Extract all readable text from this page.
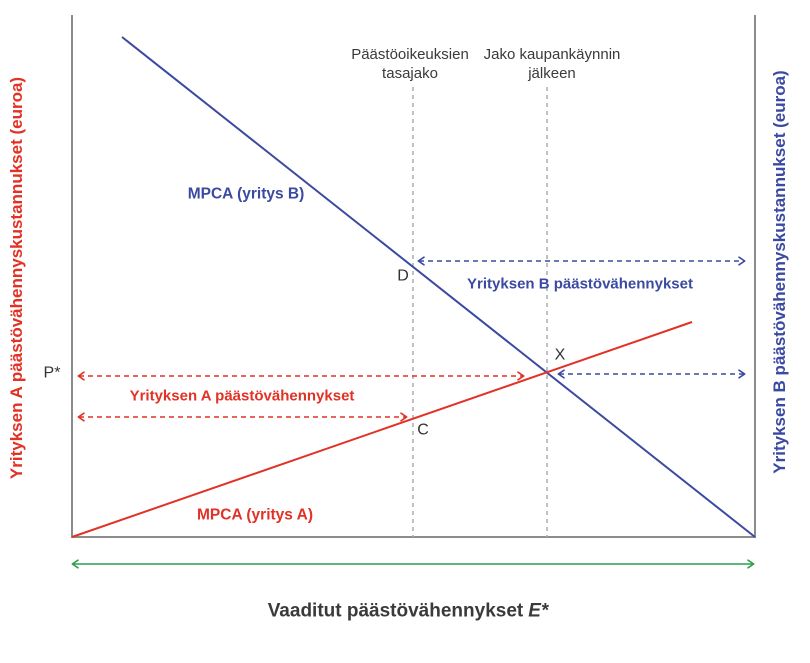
Yrityksen A päästövähennyskustannukset (euroa)	Yrityksen B päästövähennyskustannukset (euroa)
Päästöoikeuksien
tasajako
Jako kaupankäynnin
jälkeen
MPCA (yritys B)
MPCA (yritys A)
Yrityksen B päästövähennykset
Yrityksen A päästövähennykset
D
X
C
P*
Vaaditut päästövähennykset E*
